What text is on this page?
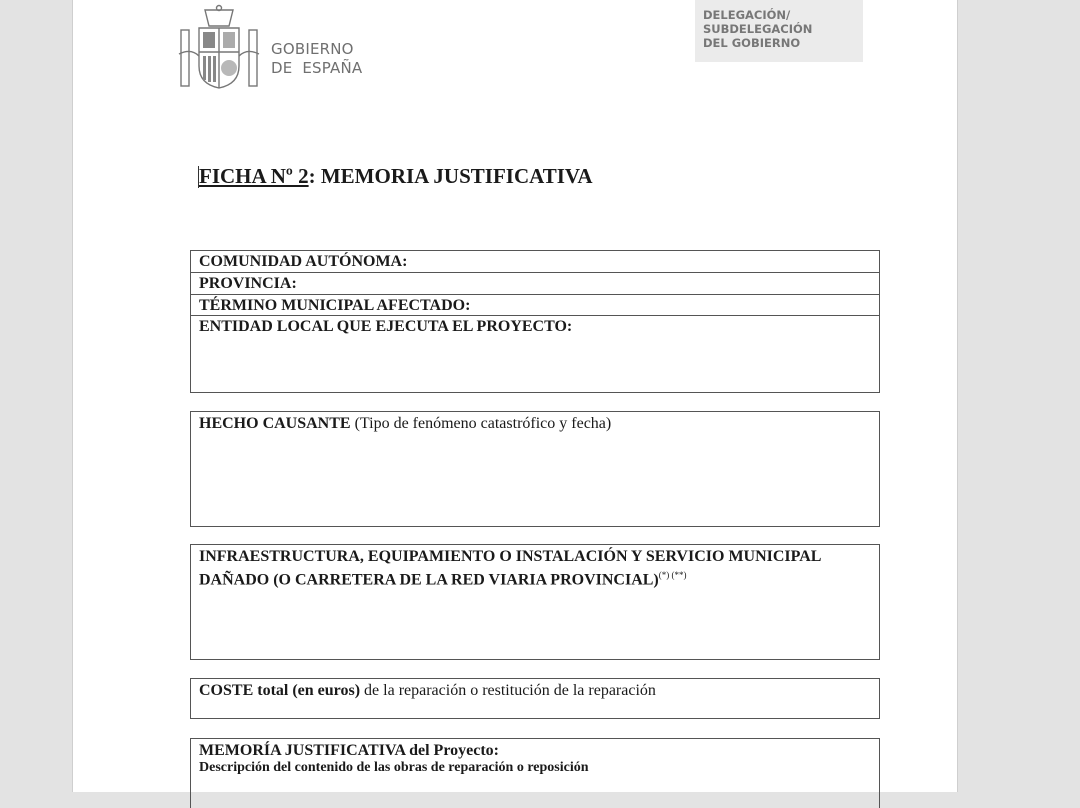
GOBIERNO
DE  ESPAÑA
DELEGACIÓN/
SUBDELEGACIÓN
DEL GOBIERNO
FICHA Nº 2: MEMORIA JUSTIFICATIVA
COMUNIDAD AUTÓNOMA:
PROVINCIA:
TÉRMINO MUNICIPAL AFECTADO:
ENTIDAD LOCAL QUE EJECUTA EL PROYECTO:
HECHO CAUSANTE (Tipo de fenómeno catastrófico y fecha)
INFRAESTRUCTURA, EQUIPAMIENTO O INSTALACIÓN Y SERVICIO MUNICIPAL
DAÑADO (O CARRETERA DE LA RED VIARIA PROVINCIAL)(*) (**)
COSTE total (en euros) de la reparación o restitución de la reparación
MEMORÍA JUSTIFICATIVA del Proyecto:
Descripción del contenido de las obras de reparación o reposición
